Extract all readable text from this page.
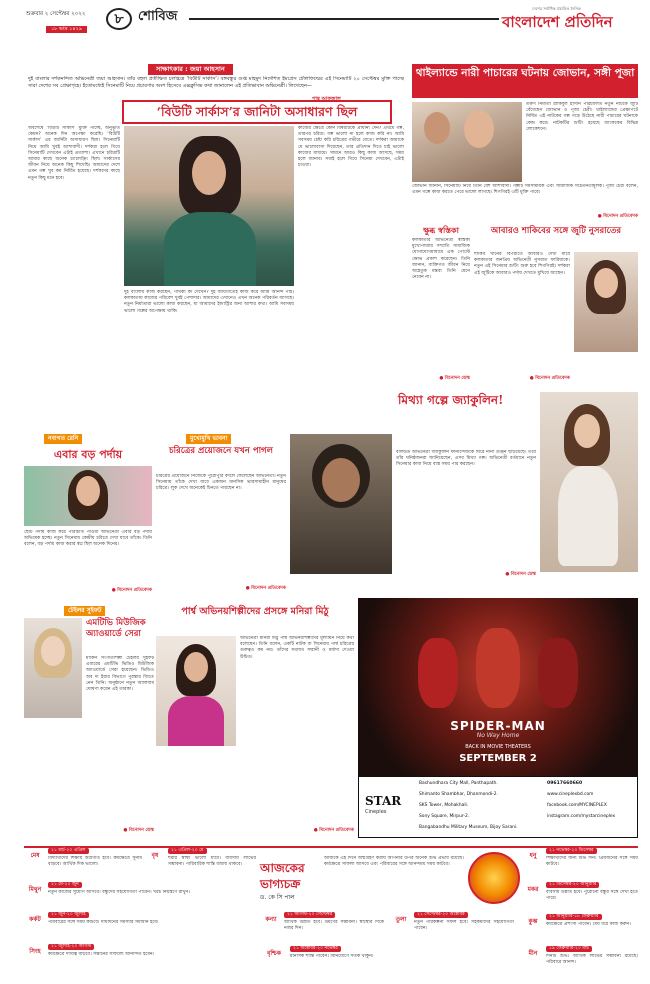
শুক্রবার ২ সেপ্টেম্বর ২০২২
১৮ ভাদ্র ১৪২৯
৮	শোবিজ
দেশের সর্বাধিক প্রচারিত দৈনিক
বাংলাদেশ প্রতিদিন
সাক্ষাৎকার : জয়া আহসান
দুই বাংলার দর্শকনন্দিত অভিনেত্রী জয়া আহসান। তাঁর বহুল প্রতীক্ষিত চলচ্চিত্র ‘বিউটি সার্কাস’। বঙ্গবন্ধুর গুপ্ত মাহমুদ নির্দেশিত ইমপ্রেস টেলিফিল্মের এই সিনেমাটি ২০ সেপ্টেম্বর মুক্তি পাচ্ছে সারা দেশের সব প্রেক্ষাগৃহে। ইতোমধ্যেই সিনেমাটি নিয়ে প্রচারণার অংশ হিসেবে এক্সক্লুসিভ কথা জানালেন এই প্রতিভাবান অভিনেত্রী। লিখেছেন—
পান্থ আফজাল
‘বিউটি সার্কাস’র জানিটা অসাধারণ ছিল
অবশেষে ‘বিউটি সার্কাস’ মুক্তি পাচ্ছে, অনুভূতি কেমন? অনেক দিন অপেক্ষা করেছি। ‘বিউটি সার্কাস’ এর জার্নিটা অসাধারণ ছিল। সিনেমাটি নিয়ে আমি খুবই আশাবাদী। দর্শকরা হলে গিয়ে সিনেমাটি দেখবেন এটাই প্রত্যাশা। এখানে চরিত্রটি আমার কাছে অনেক চ্যালেঞ্জিং ছিল। সার্কাসের জীবন নিয়ে অনেক কিছু শিখেছি। আমাদের দেশে এমন গল্প খুব কম নির্মিত হয়েছে। দর্শকদের কাছে নতুন কিছু মনে হবে।
দুই বাংলায় কাজ করছেন, পার্থক্য কী দেখেন? দুই জায়গাতেই কাজ করে আমি আনন্দ পাই। কলকাতায় কাজের পরিবেশ খুবই পেশাদার। আমাদের এখানেও এখন অনেক পরিবর্তন আসছে। নতুন নির্মাতারা ভালো কাজ করছেন, যা আমাদের ইন্ডাস্ট্রির জন্য আশার কথা। আমি সবসময় ভালো গল্পের অপেক্ষায় থাকি।
কাজের ক্ষেত্রে কোন বিষয়টিকে প্রাধান্য দেন? প্রথমে গল্প, তারপর চরিত্র। গল্প ভালো না হলে কাজ করি না। আমি সবসময় চেষ্টা করি চরিত্রের গভীরে যেতে। দর্শকরা আমাকে যে ভালোবাসা দিয়েছেন, তার প্রতিদান দিতে চাই ভালো কাজের মাধ্যমে। সামনে আরও কিছু কাজ আসছে, সময় হলে জানাব। সবাই হলে গিয়ে সিনেমা দেখবেন, এটাই চাওয়া।
থাইল্যান্ডে নারী পাচারের ঘটনায় জোভান, সঙ্গী পূজা
তরুণ নির্মাতা রাকিবুল হাসান পরিচালিত নতুন নাটকে জুটি বেঁধেছেন জোভান ও পূজা চেরী। থাইল্যান্ডের প্রেক্ষাপটে নির্মিত এই নাটকের গল্প গড়ে উঠেছে নারী পাচারের ঘটনাকে কেন্দ্র করে। নাটকটির শুটিং হয়েছে ব্যাংককের বিভিন্ন লোকেশনে।
জোভান জানান, সিনেমাটি নিয়ে তিনি বেশ আশাবাদী। গল্পটি সমসাময়িক এবং সামাজিক সচেতনতামূলক। পূজা চেরী বলেন, এমন গল্পে কাজ করতে পেরে ভালো লাগছে। শিগগিরই এটি মুক্তি পাবে।
● বিনোদন প্রতিবেদক
ক্ষুব্ধ স্বস্তিকা
কলকাতার অভিনেত্রী স্বস্তিকা মুখোপাধ্যায় সম্প্রতি সামাজিক যোগাযোগমাধ্যমে এক পোস্টে ক্ষোভ প্রকাশ করেছেন। তিনি জানান, ব্যক্তিগত জীবন নিয়ে অহেতুক মন্তব্য তিনি মেনে নেবেন না।
● বিনোদন ডেস্ক
আবারও শাকিবের সঙ্গে জুটি নুসরাতের
শাকিব খানের বিপরীতে আবারও দেখা যাবে কলকাতার জনপ্রিয় অভিনেত্রী নুসরাত ফারিয়াকে। নতুন এই সিনেমার শুটিং শুরু হবে শিগগিরই। দর্শকরা এই জুটিকে আবারও পর্দায় দেখতে মুখিয়ে আছেন।
● বিনোদন প্রতিবেদক
মিথ্যা গল্পে জ্যাকুলিন!
বলিউড অভিনেত্রী জ্যাকুলিন ফার্নান্দেজকে ঘিরে নানা গুঞ্জন ছড়িয়েছে। তবে তাঁর ঘনিষ্ঠজনরা জানিয়েছেন, এসব মিথ্যা গল্প। অভিনেত্রী বর্তমানে নতুন সিনেমার কাজ নিয়ে ব্যস্ত সময় পার করছেন।
● বিনোদন ডেস্ক
নবাগত রেনি
এবার বড় পর্দায়
ছোট পর্দায় কাজ করে পরিচিতি পাওয়া অভিনেত্রী এবার বড় পর্দায় অভিষেক হচ্ছে। নতুন সিনেমায় কেন্দ্রীয় চরিত্রে দেখা যাবে তাঁকে। তিনি বলেন, বড় পর্দায় কাজ করার স্বপ্ন ছিল অনেক দিনের।
● বিনোদন প্রতিবেদক
মুখোমুখি ভাবনা
চরিত্রের প্রয়োজনে যখন পাগল
চরিত্রের প্রয়োজনে নিজেকে পুরোপুরি বদলে ফেলেছেন অভিনেতা। নতুন সিনেমায় তাঁকে দেখা যাবে একজন মানসিক ভারসাম্যহীন মানুষের চরিত্রে। লুক দেখে অনেকেই চিনতে পারছেন না।
● বিনোদন প্রতিবেদক
টেইলর সুইফট
এমটিভি মিউজিক অ্যাওয়ার্ডে সেরা
মার্কিন সংগীতশিল্পী টেইলর সুইফট এবারের এমটিভি ভিডিও মিউজিক অ্যাওয়ার্ডে সেরা হয়েছেন। ভিডিও অব দ্য ইয়ার বিভাগে পুরস্কার জিতে নেন তিনি। অনুষ্ঠানে নতুন অ্যালবাম ঘোষণা করেন এই তারকা।
● বিনোদন ডেস্ক
পার্শ্ব অভিনয়শিল্পীদের প্রসঙ্গে মনিরা মিঠু
অভিনেত্রী মনিরা মিঠু পার্শ্ব অভিনয়শিল্পীদের মূল্যায়ন নিয়ে কথা বলেছেন। তিনি বলেন, একটি নাটক বা সিনেমায় পার্শ্ব চরিত্রের গুরুত্বও কম নয়। তাঁদের যথাযথ সম্মানী ও মর্যাদা দেওয়া উচিত।
● বিনোদন প্রতিবেদক
SPIDER-MAN
No Way Home
BACK IN MOVIE THEATERS
SEPTEMBER 2
STAR
Cineplex
Bashundhara City Mall, Panthapath.
Shimanto Shambhar, Dhanmondi-2.
SKS Tower, Mohakhali.
Sony Square, Mirpur-2.
Bangabandhu Military Museum, Bijoy Sarani.
09617660660
www.cineplexbd.com
facebook.com/MYCINEPLEX
instagram.com/mystarcineplex
আজকের
ভাগ্যচক্র
ড. কে সি পাল
আজকে এই দিনে জন্মগ্রহণ করায় আপনার উপর অনেক শুভ প্রভাব রয়েছে। কর্মক্ষেত্রে সাফল্য আসবে এবং পরিবারের সঙ্গে আনন্দময় সময় কাটবে।
মেষ
২১ মার্চ-২০ এপ্রিল
বিদ্যার্থীদের শিক্ষায় অগ্রগতি হবে। কর্মক্ষেত্রে সুনাম বাড়বে। আর্থিক দিক ভালো।
বৃষ
২১ এপ্রিল-২০ মে
শরীর স্বাস্থ্য ভালো যাবে। ব্যবসায় লাভের সম্ভাবনা। পারিবারিক শান্তি বজায় থাকবে।
মিথুন
২১ মে-২০ জুন
নতুন কাজের সুযোগ আসবে। বন্ধুদের সহযোগিতা পাবেন। খরচ নিয়ন্ত্রণে রাখুন।
কর্কট
২১ জুন-২০ জুলাই
পরিবারের সঙ্গে সময় কাটবে। দীর্ঘদিনের সমস্যার সমাধান হবে।
সিংহ
২১ জুলাই-২০ আগস্ট
কর্মক্ষেত্রে দায়িত্ব বাড়বে। সন্তানের সাফল্যে আনন্দিত হবেন।
কন্যা
২১ আগস্ট-২০ সেপ্টেম্বর
আর্থিক উন্নতি হবে। ভ্রমণের সম্ভাবনা। স্বাস্থ্যের দিকে নজর দিন।
তুলা
২১ সেপ্টেম্বর-২০ অক্টোবর
নতুন পরিকল্পনা সফল হবে। সহকর্মীদের সহযোগিতা পাবেন।
বৃশ্চিক
২১ অক্টোবর-২০ নভেম্বর
মানসিক শান্তি পাবেন। বিনিয়োগে সতর্ক থাকুন।
ধনু
২১ নভেম্বর-২০ ডিসেম্বর
শিক্ষার্থীদের জন্য শুভ দিন। প্রিয়জনের সঙ্গে সময় কাটবে।
মকর
২১ ডিসেম্বর-২০ জানুয়ারি
ব্যবসায় উন্নতি হবে। পুরোনো বন্ধুর সঙ্গে দেখা হতে পারে।
কুম্ভ
২১ জানুয়ারি-১৮ ফেব্রুয়ারি
কর্মক্ষেত্রে প্রশংসা পাবেন। ধৈর্য ধরে কাজ করুন।
মীন
১৯ ফেব্রুয়ারি-২০ মার্চ
দিনটি শুভ। আর্থিক লাভের সম্ভাবনা রয়েছে। পরিবারে আনন্দ।
